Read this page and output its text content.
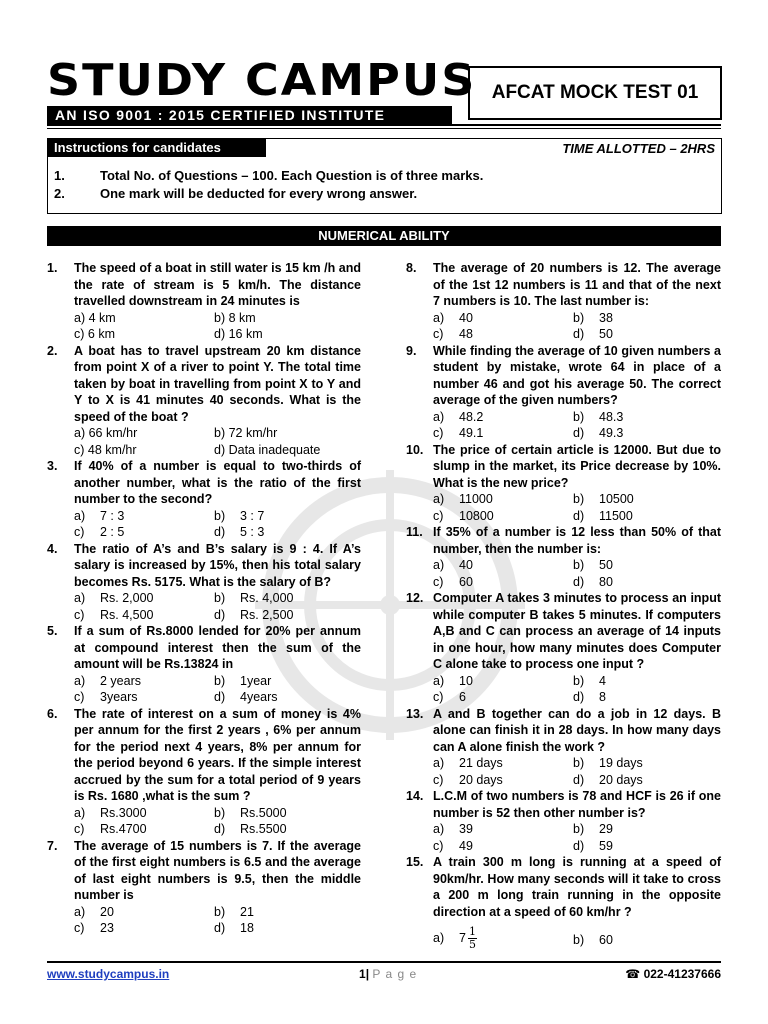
STUDY CAMPUS
AN ISO 9001 : 2015 CERTIFIED INSTITUTE
AFCAT MOCK TEST 01
Instructions for candidates	TIME ALLOTTED – 2HRS
1.	Total No. of Questions – 100. Each Question is of three marks.
2.	One mark will be deducted for every wrong answer.
NUMERICAL ABILITY
1. The speed of a boat in still water is 15 km /h and the rate of stream is 5 km/h. The distance travelled downstream in 24 minutes is
a) 4 km	b) 8 km
c) 6 km	d) 16 km
2. A boat has to travel upstream 20 km distance from point X of a river to point Y. The total time taken by boat in travelling from point X to Y and Y to X is 41 minutes 40 seconds. What is the speed of the boat ?
a) 66 km/hr	b) 72 km/hr
c) 48 km/hr	d) Data inadequate
3. If 40% of a number is equal to two-thirds of another number, what is the ratio of the first number to the second?
a) 7 : 3	b) 3 : 7
c) 2 : 5	d) 5 : 3
4. The ratio of A’s and B’s salary is 9 : 4. If A’s salary is increased by 15%, then his total salary becomes Rs. 5175. What is the salary of B?
a) Rs. 2,000	b) Rs. 4,000
c) Rs. 4,500	d) Rs. 2,500
5. If a sum of Rs.8000 lended for 20% per annum at compound interest then the sum of the amount will be Rs.13824 in
a) 2 years	b) 1year
c) 3years	d) 4years
6. The rate of interest on a sum of money is 4% per annum for the first 2 years , 6% per annum for the period next 4 years, 8% per annum for the period beyond 6 years. If the simple interest accrued by the sum for a total period of 9 years is Rs. 1680 ,what is the sum ?
a) Rs.3000	b) Rs.5000
c) Rs.4700	d) Rs.5500
7. The average of 15 numbers is 7. If the average of the first eight numbers is 6.5 and the average of last eight numbers is 9.5, then the middle number is
a) 20	b) 21
c) 23	d) 18
8. The average of 20 numbers is 12. The average of the 1st 12 numbers is 11 and that of the next 7 numbers is 10. The last number is:
a) 40	b) 38
c) 48	d) 50
9. While finding the average of 10 given numbers a student by mistake, wrote 64 in place of a number 46 and got his average 50. The correct average of the given numbers?
a) 48.2	b) 48.3
c) 49.1	d) 49.3
10. The price of certain article is 12000. But due to slump in the market, its Price decrease by 10%. What is the new price?
a) 11000	b) 10500
c) 10800	d) 11500
11. If 35% of a number is 12 less than 50% of that number, then the number is:
a) 40	b) 50
c) 60	d) 80
12. Computer A takes 3 minutes to process an input while computer B takes 5 minutes. If computers A,B and C can process an average of 14 inputs in one hour, how many minutes does Computer C alone take to process one input ?
a) 10	b) 4
c) 6	d) 8
13. A and B together can do a job in 12 days. B alone can finish it in 28 days. In how many days can A alone finish the work ?
a) 21 days	b) 19 days
c) 20 days	d) 20 days
14. L.C.M of two numbers is 78 and HCF is 26 if one number is 52 then other number is?
a) 39	b) 29
c) 49	d) 59
15. A train 300 m long is running at a speed of 90km/hr. How many seconds will it take to cross a 200 m long train running in the opposite direction at a speed of 60 km/hr ?
a) $7 \frac{1}{5}$	b) 60
www.studycampus.in	1| P a g e	☎ 022-41237666
